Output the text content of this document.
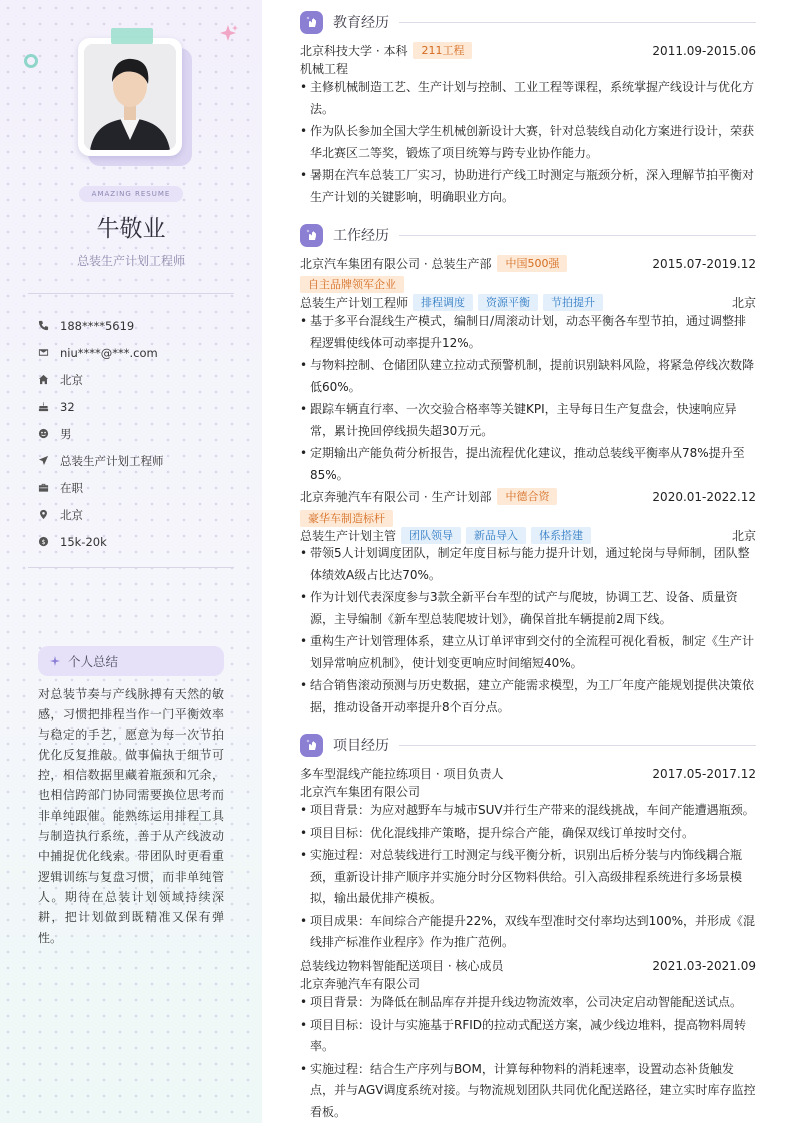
AMAZING RESUME
牛敬业
总装生产计划工程师
188****5619
niu****@***.com
北京
32
男
总装生产计划工程师
在职
北京
$ 15k-20k
个人总结

对总装节奏与产线脉搏有天然的敏感，习惯把排程当作一门平衡效率与稳定的手艺，愿意为每一次节拍优化反复推敲。做事偏执于细节可控，相信数据里藏着瓶颈和冗余，也相信跨部门协同需要换位思考而非单纯跟催。能熟练运用排程工具与制造执行系统，善于从产线波动中捕捉优化线索。带团队时更看重逻辑训练与复盘习惯，而非单纯管人。期待在总装计划领域持续深耕，把计划做到既精准又保有弹性。

教育经历
北京科技大学 · 本科	211工程	2011.09-2015.06
机械工程
• 主修机械制造工艺、生产计划与控制、工业工程等课程，系统掌握产线设计与优化方法。
• 作为队长参加全国大学生机械创新设计大赛，针对总装线自动化方案进行设计，荣获华北赛区二等奖，锻炼了项目统筹与跨专业协作能力。
• 暑期在汽车总装工厂实习，协助进行产线工时测定与瓶颈分析，深入理解节拍平衡对生产计划的关键影响，明确职业方向。
工作经历
北京汽车集团有限公司 · 总装生产部	中国500强	2015.07-2019.12
自主品牌领军企业
总装生产计划工程师	排程调度	资源平衡	节拍提升	北京
• 基于多平台混线生产模式，编制日/周滚动计划，动态平衡各车型节拍，通过调整排程逻辑使线体可动率提升12%。
• 与物料控制、仓储团队建立拉动式预警机制，提前识别缺料风险，将紧急停线次数降低60%。
• 跟踪车辆直行率、一次交验合格率等关键KPI，主导每日生产复盘会，快速响应异常，累计挽回停线损失超30万元。
• 定期输出产能负荷分析报告，提出流程优化建议，推动总装线平衡率从78%提升至85%。
北京奔驰汽车有限公司 · 生产计划部	中德合资	2020.01-2022.12
豪华车制造标杆
总装生产计划主管	团队领导	新品导入	体系搭建	北京
• 带领5人计划调度团队，制定年度目标与能力提升计划，通过轮岗与导师制，团队整体绩效A级占比达70%。
• 作为计划代表深度参与3款全新平台车型的试产与爬坡，协调工艺、设备、质量资源，主导编制《新车型总装爬坡计划》，确保首批车辆提前2周下线。
• 重构生产计划管理体系，建立从订单评审到交付的全流程可视化看板，制定《生产计划异常响应机制》，使计划变更响应时间缩短40%。
• 结合销售滚动预测与历史数据，建立产能需求模型，为工厂年度产能规划提供决策依据，推动设备开动率提升8个百分点。
项目经历
多车型混线产能拉练项目 · 项目负责人	2017.05-2017.12
北京汽车集团有限公司
• 项目背景：为应对越野车与城市SUV并行生产带来的混线挑战，车间产能遭遇瓶颈。
• 项目目标：优化混线排产策略，提升综合产能，确保双线订单按时交付。
• 实施过程：对总装线进行工时测定与线平衡分析，识别出后桥分装与内饰线耦合瓶颈，重新设计排产顺序并实施分时分区物料供给。引入高级排程系统进行多场景模拟，输出最优排产模板。
• 项目成果：车间综合产能提升22%，双线车型准时交付率均达到100%，并形成《混线排产标准作业程序》作为推广范例。
总装线边物料智能配送项目 · 核心成员	2021.03-2021.09
北京奔驰汽车有限公司
• 项目背景：为降低在制品库存并提升线边物流效率，公司决定启动智能配送试点。
• 项目目标：设计与实施基于RFID的拉动式配送方案，减少线边堆料，提高物料周转率。
• 实施过程：结合生产序列与BOM，计算每种物料的消耗速率，设置动态补货触发点，并与AGV调度系统对接。与物流规划团队共同优化配送路径，建立实时库存监控看板。
